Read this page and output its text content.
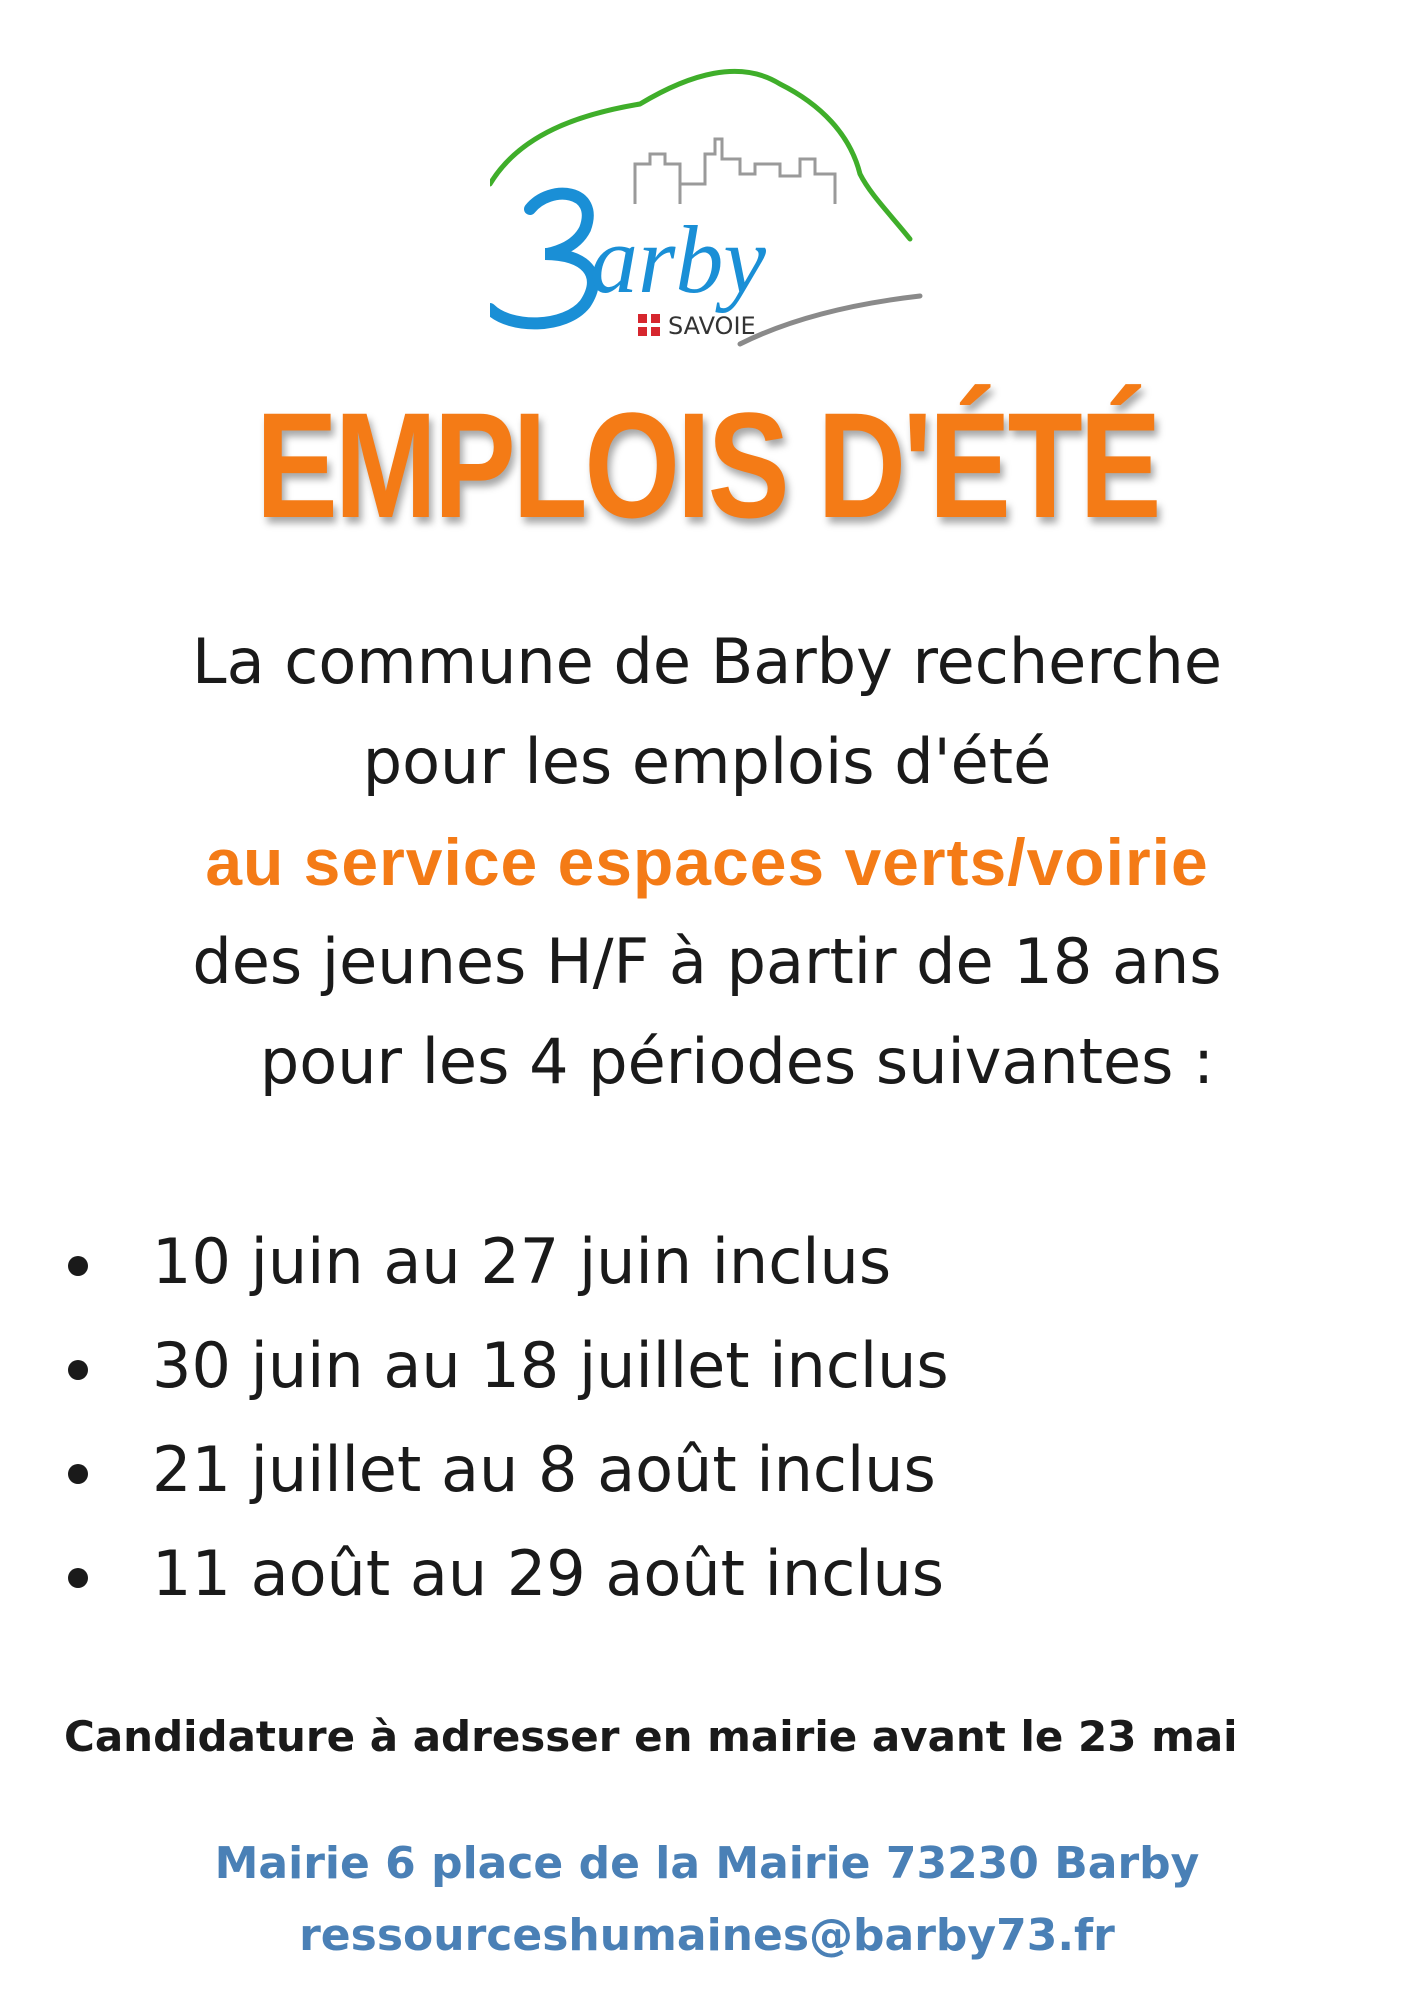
arby
SAVOIE
EMPLOIS D'ÉTÉ
La commune de Barby recherche
pour les emplois d'été
au service espaces verts/voirie
des jeunes H/F à partir de 18 ans
pour les 4 périodes suivantes :
10 juin au 27 juin inclus
30 juin au 18 juillet inclus
21 juillet au 8 août inclus
11 août au 29 août inclus
Candidature à adresser en mairie avant le 23 mai
Mairie 6 place de la Mairie 73230 Barby
ressourceshumaines@barby73.fr
